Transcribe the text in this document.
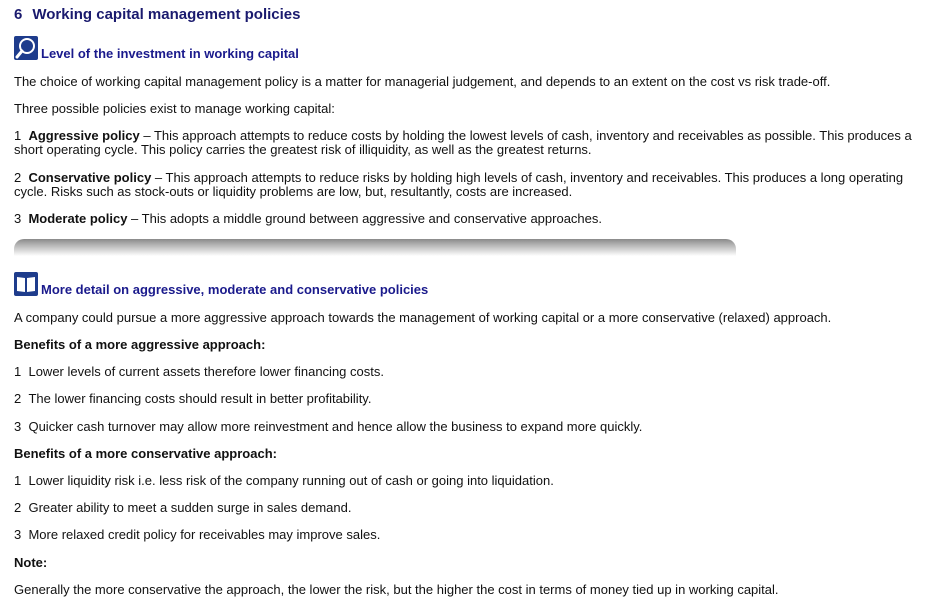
6 Working capital management policies
Level of the investment in working capital
The choice of working capital management policy is a matter for managerial judgement, and depends to an extent on the cost vs risk trade-off.
Three possible policies exist to manage working capital:
1 Aggressive policy – This approach attempts to reduce costs by holding the lowest levels of cash, inventory and receivables as possible. This produces a short operating cycle. This policy carries the greatest risk of illiquidity, as well as the greatest returns.
2 Conservative policy – This approach attempts to reduce risks by holding high levels of cash, inventory and receivables. This produces a long operating cycle. Risks such as stock-outs or liquidity problems are low, but, resultantly, costs are increased.
3 Moderate policy – This adopts a middle ground between aggressive and conservative approaches.
More detail on aggressive, moderate and conservative policies
A company could pursue a more aggressive approach towards the management of working capital or a more conservative (relaxed) approach.
Benefits of a more aggressive approach:
1 Lower levels of current assets therefore lower financing costs.
2 The lower financing costs should result in better profitability.
3 Quicker cash turnover may allow more reinvestment and hence allow the business to expand more quickly.
Benefits of a more conservative approach:
1 Lower liquidity risk i.e. less risk of the company running out of cash or going into liquidation.
2 Greater ability to meet a sudden surge in sales demand.
3 More relaxed credit policy for receivables may improve sales.
Note:
Generally the more conservative the approach, the lower the risk, but the higher the cost in terms of money tied up in working capital.
